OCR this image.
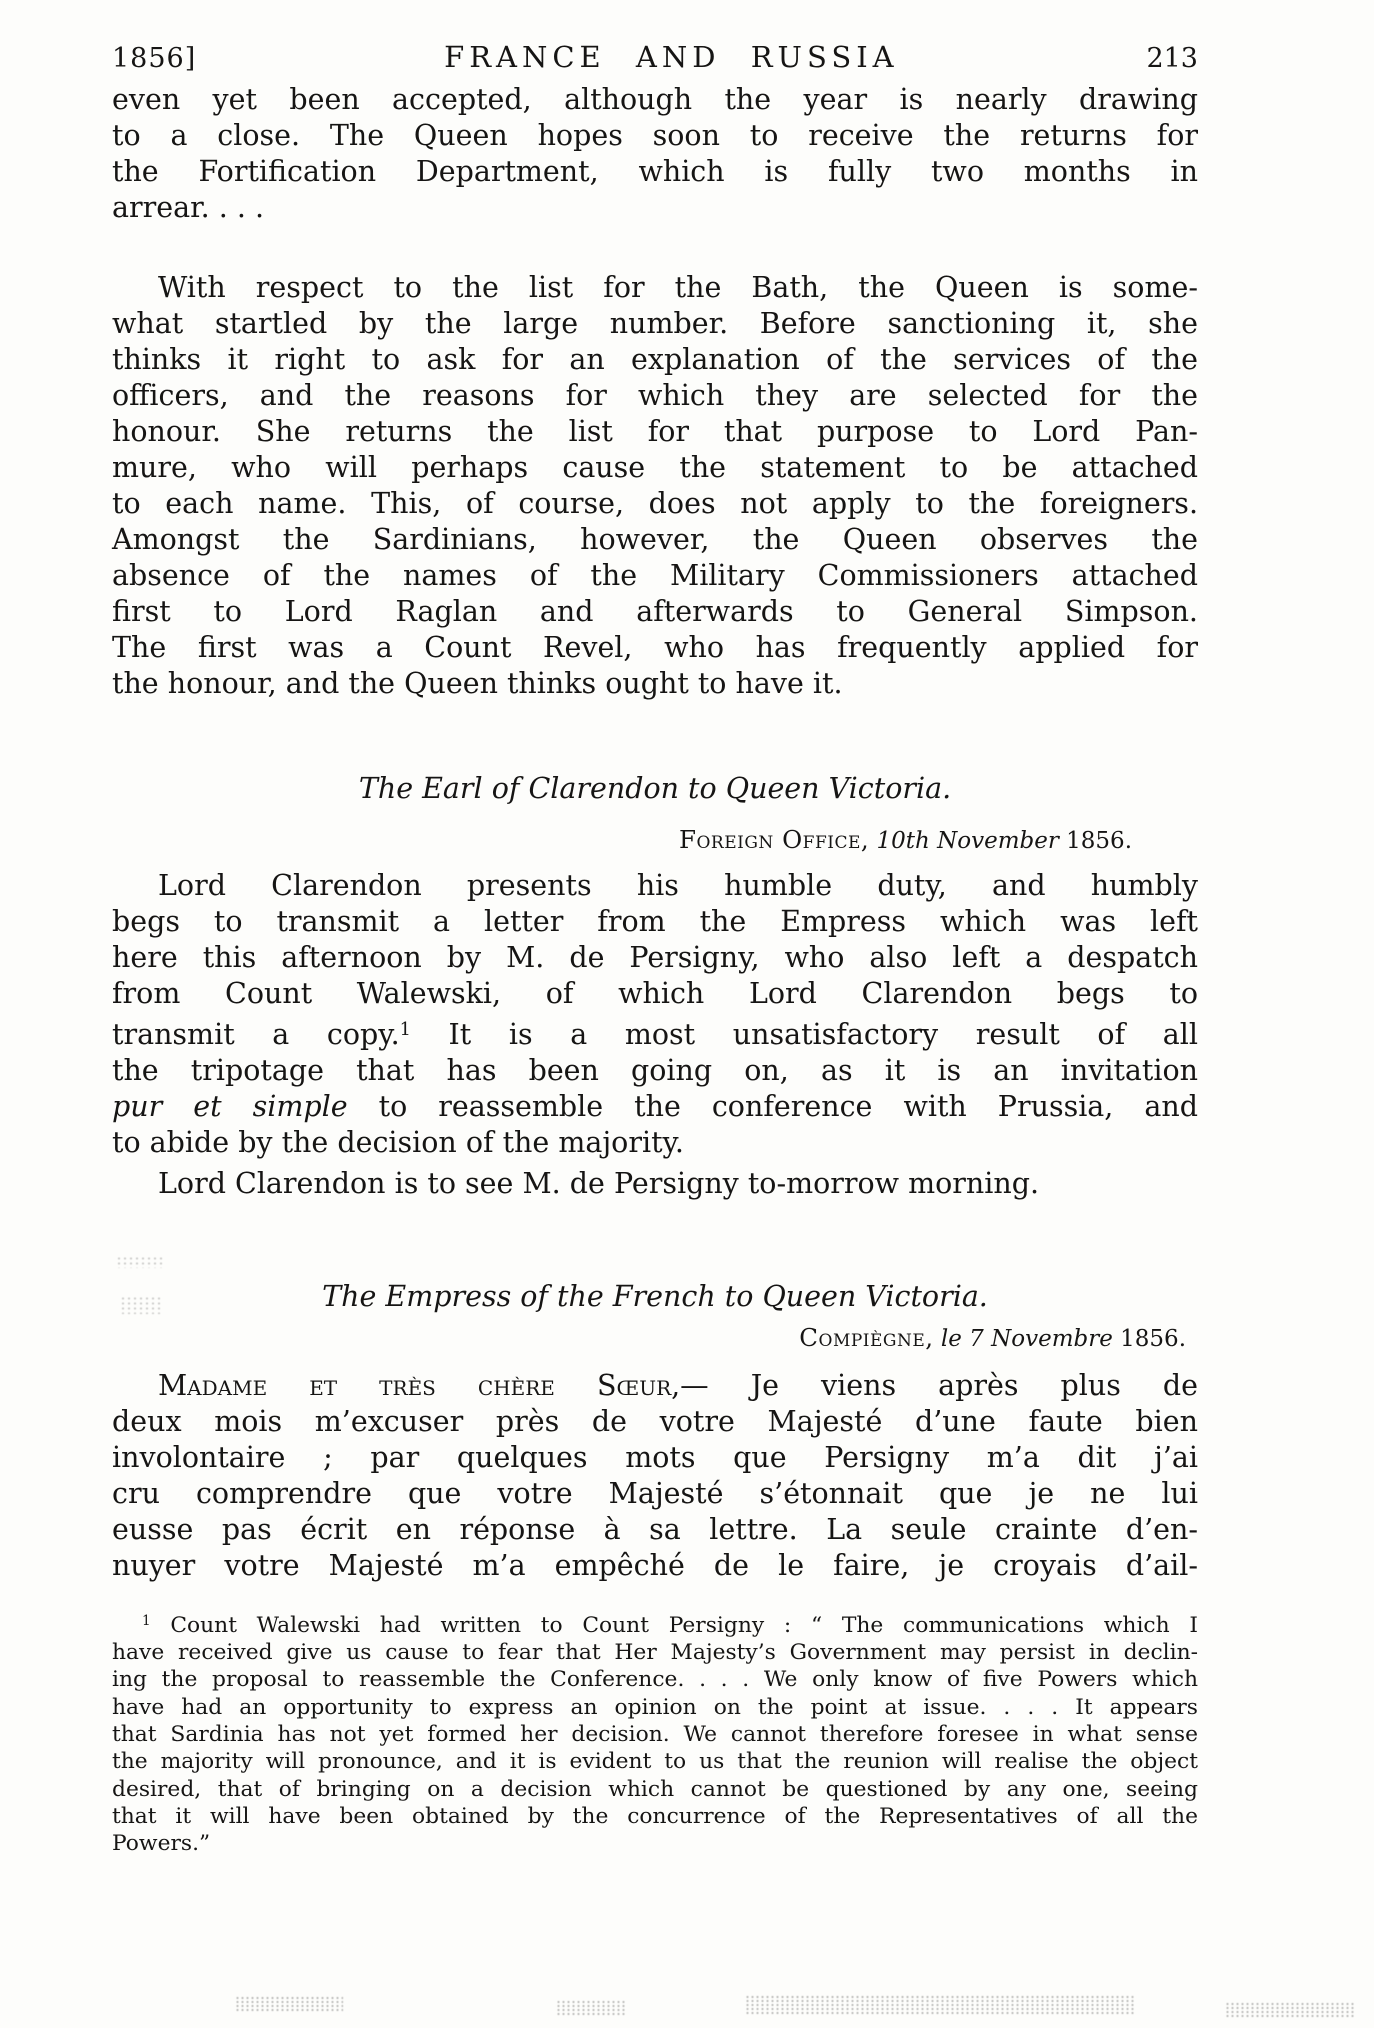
1856]	FRANCE AND RUSSIA	213
even yet been accepted, although the year is nearly drawing
to a close. The Queen hopes soon to receive the returns for
the Fortification Department, which is fully two months in
arrear. . . .
With respect to the list for the Bath, the Queen is some-
what startled by the large number. Before sanctioning it, she
thinks it right to ask for an explanation of the services of the
officers, and the reasons for which they are selected for the
honour. She returns the list for that purpose to Lord Pan-
mure, who will perhaps cause the statement to be attached
to each name. This, of course, does not apply to the foreigners.
Amongst the Sardinians, however, the Queen observes the
absence of the names of the Military Commissioners attached
first to Lord Raglan and afterwards to General Simpson.
The first was a Count Revel, who has frequently applied for
the honour, and the Queen thinks ought to have it.
The Earl of Clarendon to Queen Victoria.
Foreign Office, 10th November 1856.
Lord Clarendon presents his humble duty, and humbly
begs to transmit a letter from the Empress which was left
here this afternoon by M. de Persigny, who also left a despatch
from Count Walewski, of which Lord Clarendon begs to
transmit a copy.$^1$ It is a most unsatisfactory result of all
the tripotage that has been going on, as it is an invitation
pur et simple to reassemble the conference with Prussia, and
to abide by the decision of the majority.
Lord Clarendon is to see M. de Persigny to-morrow morning.
The Empress of the French to Queen Victoria.
Compiègne, le 7 Novembre 1856.
Madame et très chère Sœur,— Je viens après plus de
deux mois m’excuser près de votre Majesté d’une faute bien
involontaire ; par quelques mots que Persigny m’a dit j’ai
cru comprendre que votre Majesté s’étonnait que je ne lui
eusse pas écrit en réponse à sa lettre. La seule crainte d’en-
nuyer votre Majesté m’a empêché de le faire, je croyais d’ail-
$^1$ Count Walewski had written to Count Persigny : “ The communications which I
have received give us cause to fear that Her Majesty’s Government may persist in declin-
ing the proposal to reassemble the Conference. . . . We only know of five Powers which
have had an opportunity to express an opinion on the point at issue. . . . It appears
that Sardinia has not yet formed her decision. We cannot therefore foresee in what sense
the majority will pronounce, and it is evident to us that the reunion will realise the object
desired, that of bringing on a decision which cannot be questioned by any one, seeing
that it will have been obtained by the concurrence of the Representatives of all the
Powers.”
